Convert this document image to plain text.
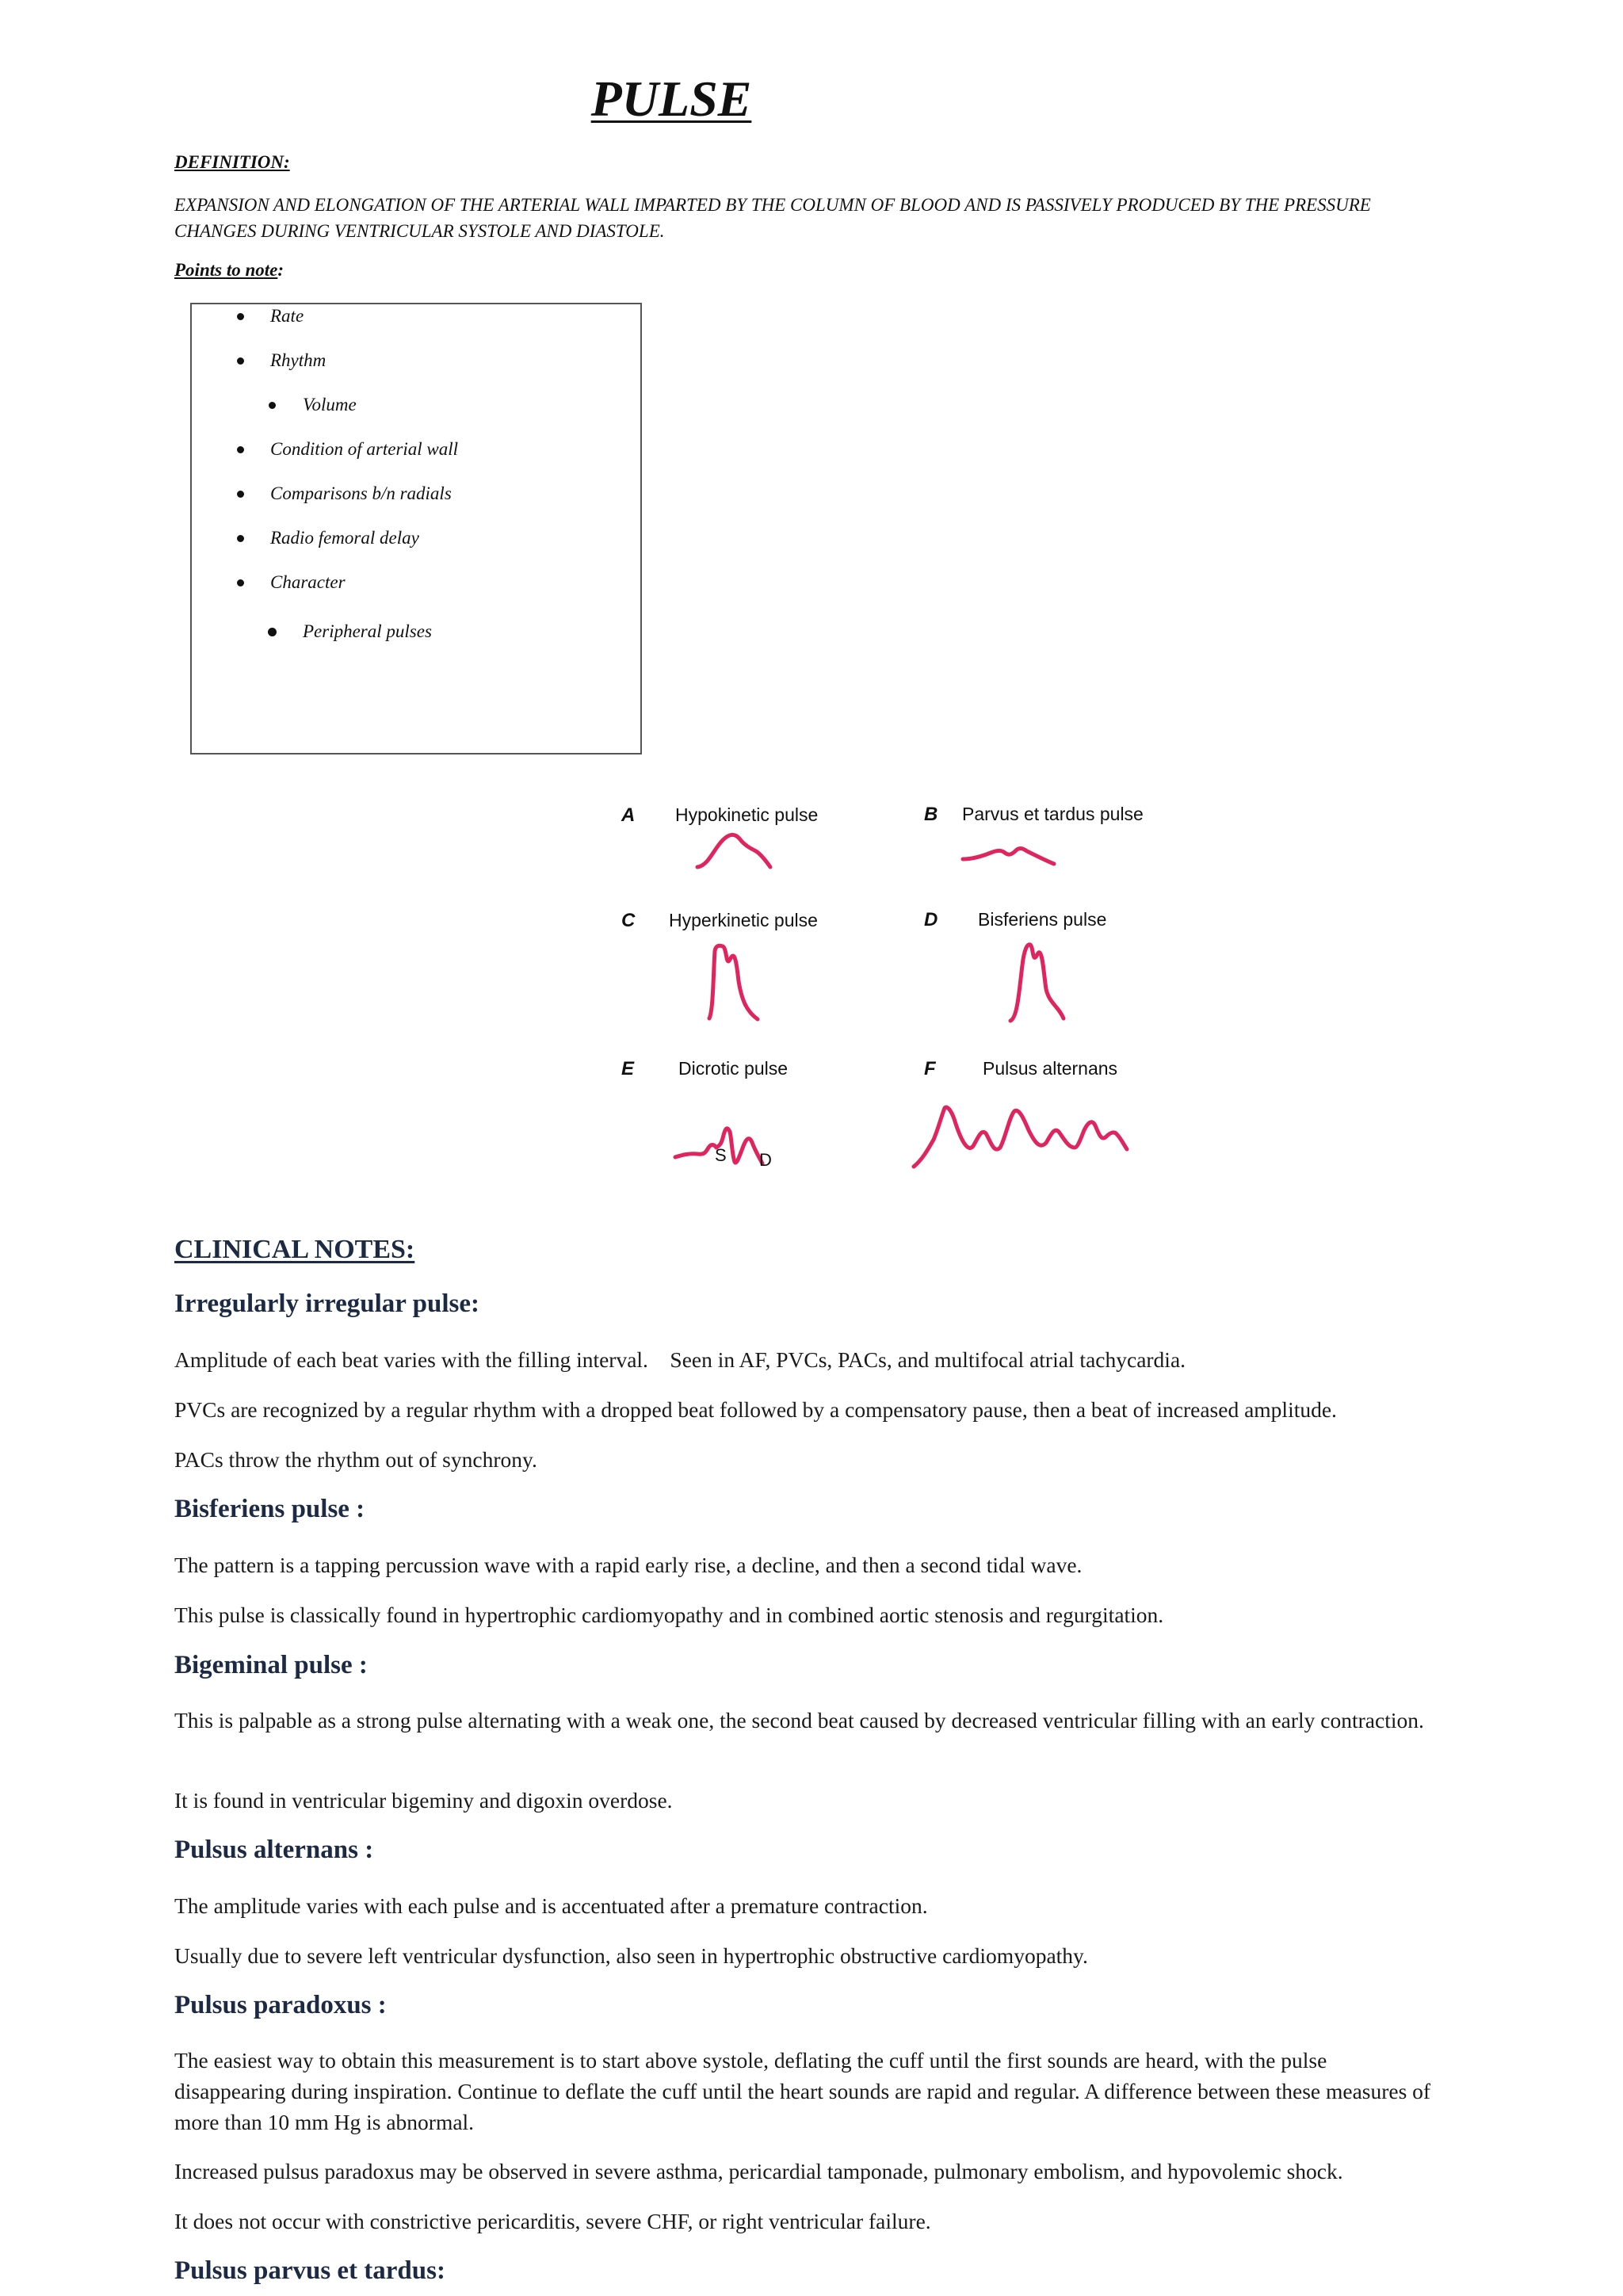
PULSE
DEFINITION:
EXPANSION AND ELONGATION OF THE ARTERIAL WALL IMPARTED BY THE COLUMN OF BLOOD AND IS PASSIVELY PRODUCED BY THE PRESSURE CHANGES DURING VENTRICULAR SYSTOLE AND DIASTOLE.
Points to note:
Rate
Rhythm
Volume
Condition of arterial wall
Comparisons b/n radials
Radio femoral delay
Character
Peripheral pulses
A Hypokinetic pulse	B Parvus et tardus pulse
C Hyperkinetic pulse	D Bisferiens pulse
E Dicrotic pulse	F	Pulsus alternans
S D
CLINICAL NOTES:
Irregularly irregular pulse:
Amplitude of each beat varies with the filling interval.    Seen in AF, PVCs, PACs, and multifocal atrial tachycardia.
PVCs are recognized by a regular rhythm with a dropped beat followed by a compensatory pause, then a beat of increased amplitude.
PACs throw the rhythm out of synchrony.
Bisferiens pulse :
The pattern is a tapping percussion wave with a rapid early rise, a decline, and then a second tidal wave.
This pulse is classically found in hypertrophic cardiomyopathy and in combined aortic stenosis and regurgitation.
Bigeminal pulse :
This is palpable as a strong pulse alternating with a weak one, the second beat caused by decreased ventricular filling with an early contraction.
It is found in ventricular bigeminy and digoxin overdose.
Pulsus alternans :
The amplitude varies with each pulse and is accentuated after a premature contraction.
Usually due to severe left ventricular dysfunction, also seen in hypertrophic obstructive cardiomyopathy.
Pulsus paradoxus :
The easiest way to obtain this measurement is to start above systole, deflating the cuff until the first sounds are heard, with the pulse disappearing during inspiration. Continue to deflate the cuff until the heart sounds are rapid and regular. A difference between these measures of more than 10 mm Hg is abnormal.
Increased pulsus paradoxus may be observed in severe asthma, pericardial tamponade, pulmonary embolism, and hypovolemic shock.
It does not occur with constrictive pericarditis, severe CHF, or right ventricular failure.
Pulsus parvus et tardus:
